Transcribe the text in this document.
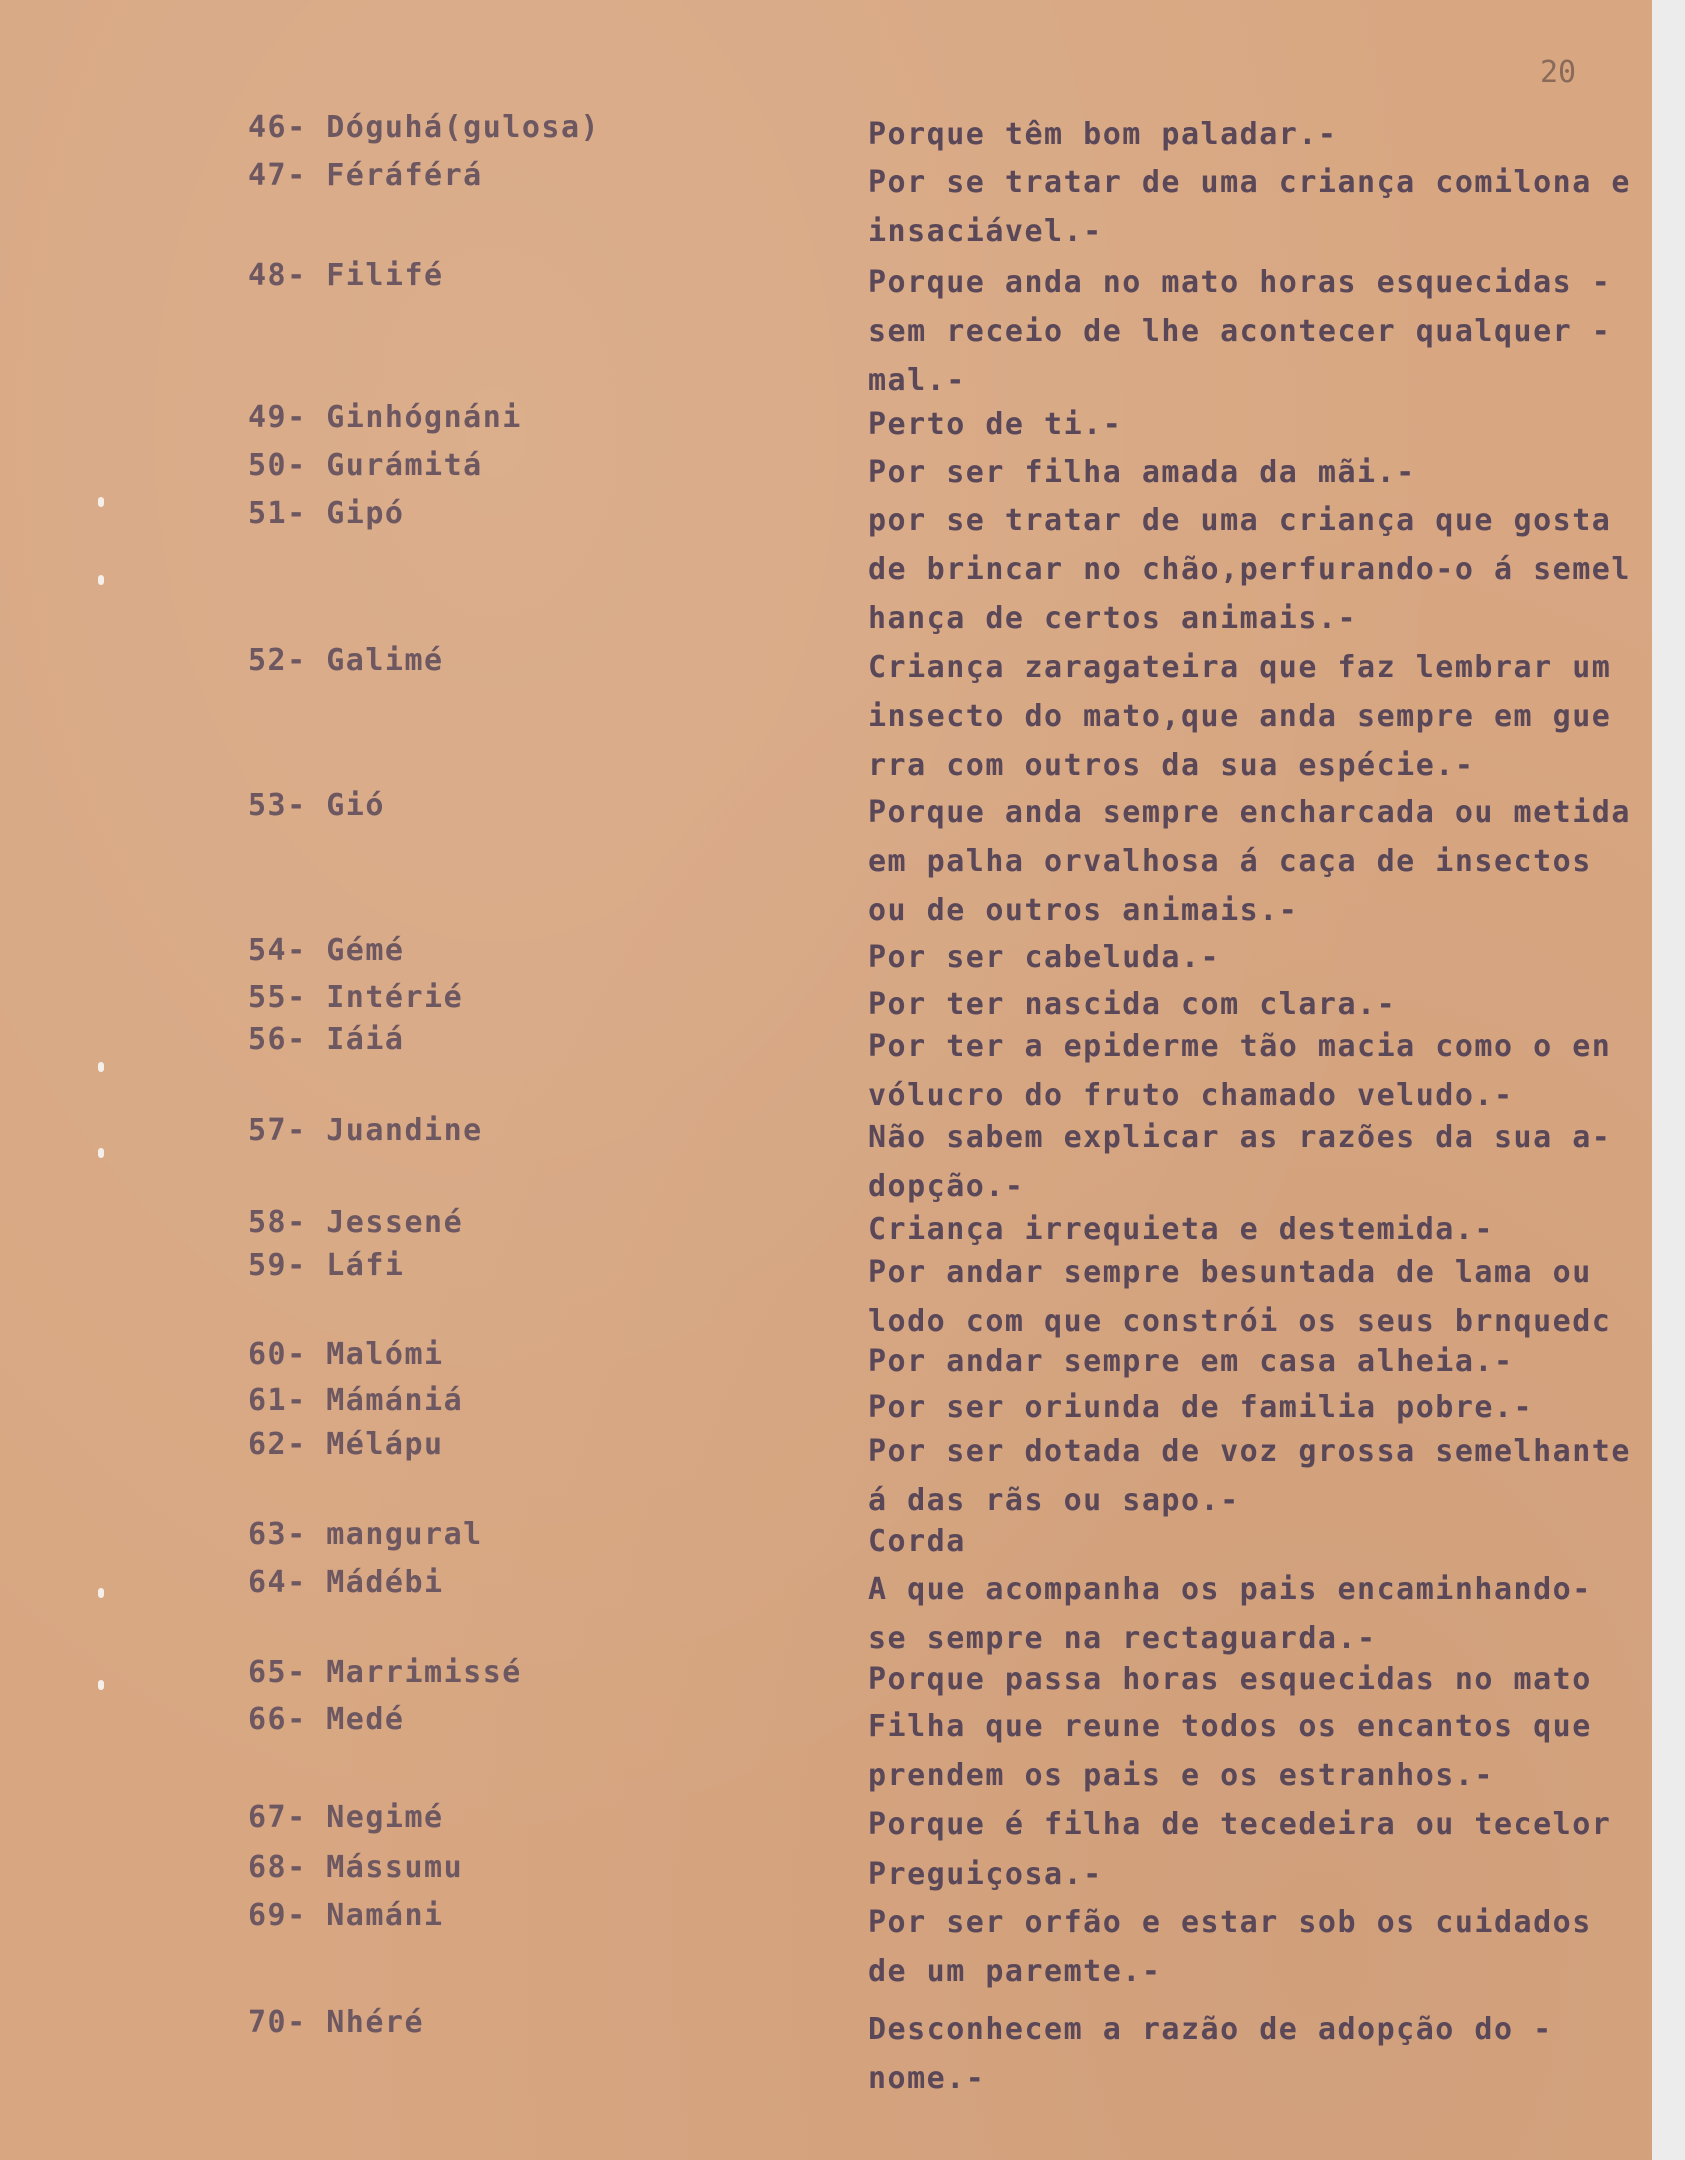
20

46- Dóguhá(gulosa)	Porque têm bom paladar.-

47- Féráférá	Por se tratar de uma criança comilona e
insaciável.-

48- Filifé	Porque anda no mato horas esquecidas -
sem receio de lhe acontecer qualquer -
mal.-

49- Ginhógnáni	Perto de ti.-

50- Gurámitá	Por ser filha amada da mãi.-

51- Gipó	por se tratar de uma criança que gosta
de brincar no chão,perfurando-o á semel
hança de certos animais.-

52- Galimé	Criança zaragateira que faz lembrar um
insecto do mato,que anda sempre em gue
rra com outros da sua espécie.-

53- Gió	Porque anda sempre encharcada ou metida
em palha orvalhosa á caça de insectos
ou de outros animais.-

54- Gémé	Por ser cabeluda.-

55- Intérié	Por ter nascida com clara.-

56- Iáiá	Por ter a epiderme tão macia como o en
vólucro do fruto chamado veludo.-

57- Juandine	Não sabem explicar as razões da sua a-
dopção.-

58- Jessené	Criança irrequieta e destemida.-

59- Láfi	Por andar sempre besuntada de lama ou
lodo com que constrói os seus brnquedc

60- Malómi	Por andar sempre em casa alheia.-

61- Mámániá	Por ser oriunda de familia pobre.-

62- Mélápu	Por ser dotada de voz grossa semelhante
á das rãs ou sapo.-

63- mangural	Corda

64- Mádébi	A que acompanha os pais encaminhando-
se sempre na rectaguarda.-

65- Marrimissé	Porque passa horas esquecidas no mato

66- Medé	Filha que reune todos os encantos que
prendem os pais e os estranhos.-

67- Negimé	Porque é filha de tecedeira ou tecelor

68- Mássumu	Preguiçosa.-

69- Namáni	Por ser orfão e estar sob os cuidados
de um paremte.-

70- Nhéré	Desconhecem a razão de adopção do -
nome.-
